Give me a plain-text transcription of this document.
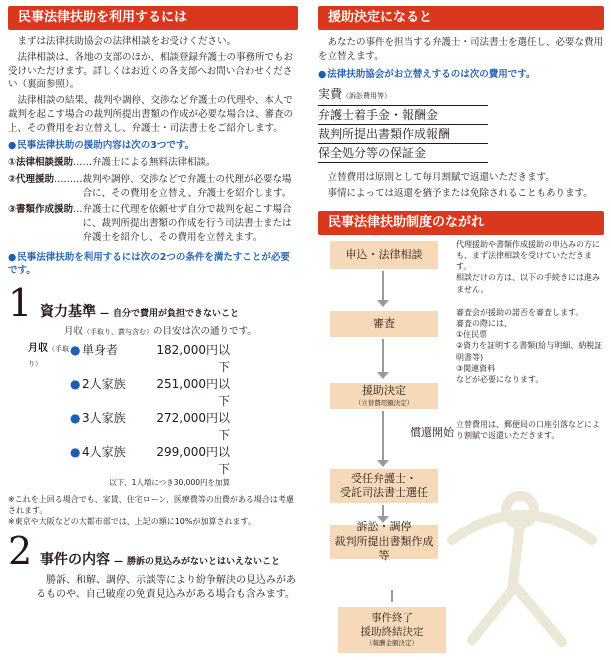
民事法律扶助を利用するには

まずは法律扶助協会の法律相談をお受けください。

法律相談は、各地の支部のほか、相談登録弁護士の事務所でもお受けいただけます。詳しくはお近くの各支部へお問い合わせください（裏面参照）。

法律相談の結果、裁判や調停、交渉など弁護士の代理や、本人で裁判を起こす場合の裁判所提出書類の作成が必要な場合は、審査の上、その費用をお立替えし、弁護士・司法書士をご紹介します。

● 民事法律扶助の援助内容は次の3つです。
①法律相談援助 …… 弁護士による無料法律相談。
②代理援助 ……… 裁判や調停、交渉などで弁護士の代理が必要な場合に、その費用を立替え、弁護士を紹介します。
③書類作成援助 … 弁護士に代理を依頼せず自分で裁判を起こす場合に、裁判所提出書類の作成を行う司法書士または弁護士を紹介し、その費用を立替えます。
● 民事法律扶助を利用するには次の2つの条件を満たすことが必要です。
1 資力基準 — 自分で費用が負担できないこと
月収（手取り、賞与含む）の目安は次の通りです。
月収（手取り）
● 単身者	182,000円以下
● 2人家族	251,000円以下
● 3人家族	272,000円以下
● 4人家族	299,000円以下
以下、1人増につき30,000円を加算
※これを上回る場合でも、家賃、住宅ローン、医療費等の出費がある場合は考慮されます。
※東京や大阪などの大都市部では、上記の額に10%が加算されます。
2 事件の内容 — 勝訴の見込みがないとはいえないこと

勝訴、和解、調停、示談等により紛争解決の見込みがあるものや、自己破産の免責見込みがある場合も含みます。

援助決定になると

あなたの事件を担当する弁護士・司法書士を選任し、必要な費用を立替えます。

● 法律扶助協会がお立替えするのは次の費用です。
実費（訴訟費用等）
弁護士着手金・報酬金
裁判所提出書類作成報酬
保全処分等の保証金

立替費用は原則として毎月割賦で返還いただきます。

事情によっては返還を猶予または免除されることもあります。

民事法律扶助制度のながれ
申込・法律相談
代理援助や書類作成援助の申込みの方にも、まず法律相談を受けていただきます。
相談だけの方は、以下の手続きには進みません。
審査
審査会が援助の諾否を審査します。
審査の際には、
①住民票
②資力を証明する書類(給与明細、納税証明書等)
③関連資料
などが必要になります。
援助決定
（立替費用額決定）
償還開始
立替費用は、郵便局の口座引落などにより割賦で返還いただきます。
受任弁護士・
受託司法書士選任
訴訟・調停
裁判所提出書類作成等
事件終了
援助終結決定
（報酬金額決定）
